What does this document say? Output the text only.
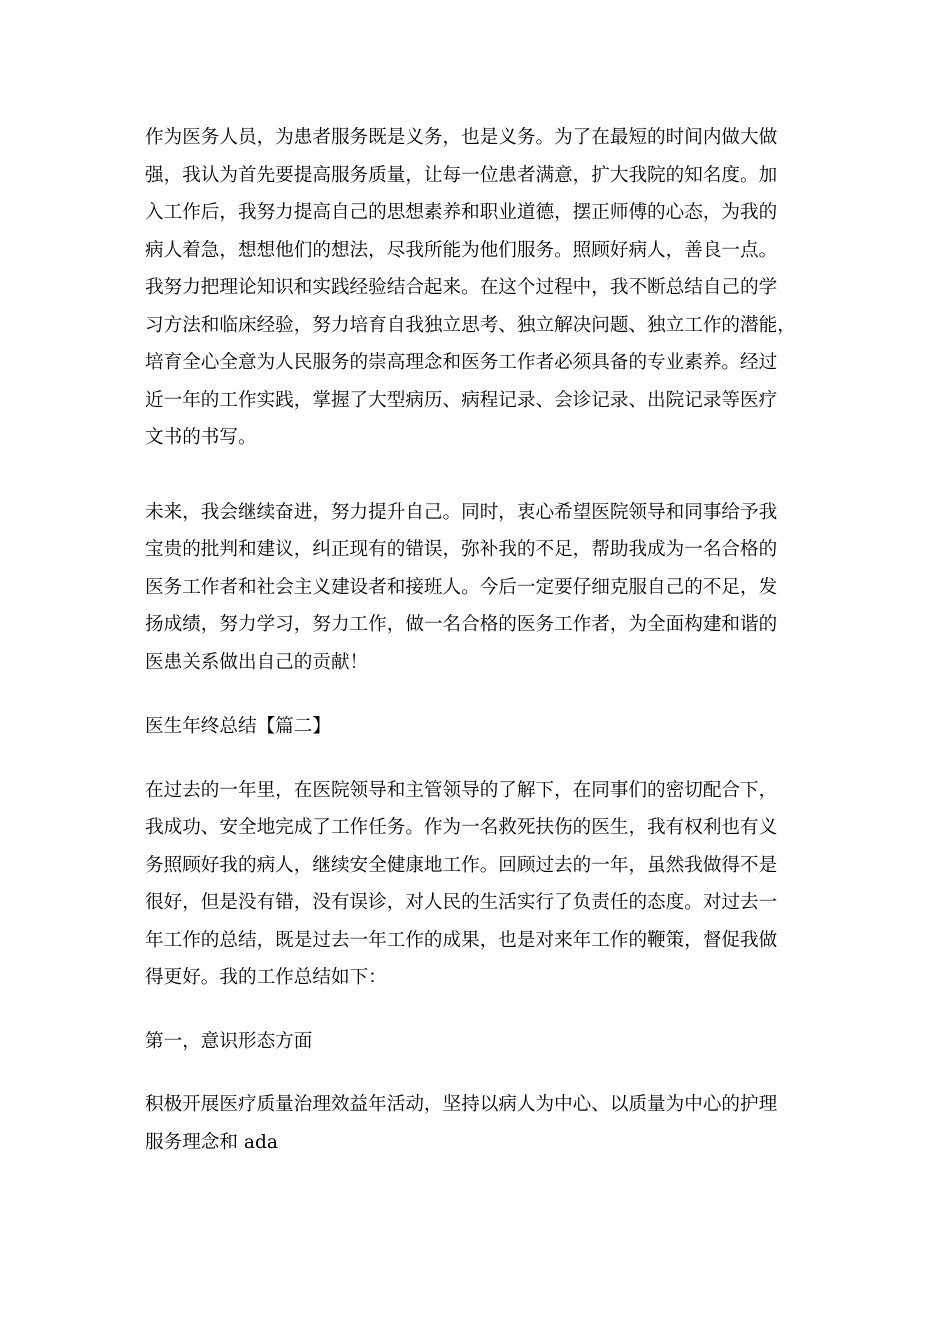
作为医务人员，为患者服务既是义务，也是义务。为了在最短的时间内做大做
强，我认为首先要提高服务质量，让每一位患者满意，扩大我院的知名度。加
入工作后，我努力提高自己的思想素养和职业道德，摆正师傅的心态，为我的
病人着急，想想他们的想法，尽我所能为他们服务。照顾好病人，善良一点。
我努力把理论知识和实践经验结合起来。在这个过程中，我不断总结自己的学
习方法和临床经验，努力培育自我独立思考、独立解决问题、独立工作的潜能，
培育全心全意为人民服务的崇高理念和医务工作者必须具备的专业素养。经过
近一年的工作实践，掌握了大型病历、病程记录、会诊记录、出院记录等医疗
文书的书写。

未来，我会继续奋进，努力提升自己。同时，衷心希望医院领导和同事给予我
宝贵的批判和建议，纠正现有的错误，弥补我的不足，帮助我成为一名合格的
医务工作者和社会主义建设者和接班人。今后一定要仔细克服自己的不足，发
扬成绩，努力学习，努力工作，做一名合格的医务工作者，为全面构建和谐的
医患关系做出自己的贡献！

医生年终总结【篇二】

在过去的一年里，在医院领导和主管领导的了解下，在同事们的密切配合下，
我成功、安全地完成了工作任务。作为一名救死扶伤的医生，我有权利也有义
务照顾好我的病人，继续安全健康地工作。回顾过去的一年，虽然我做得不是
很好，但是没有错，没有误诊，对人民的生活实行了负责任的态度。对过去一
年工作的总结，既是过去一年工作的成果，也是对来年工作的鞭策，督促我做
得更好。我的工作总结如下：

第一，意识形态方面

积极开展医疗质量治理效益年活动，坚持以病人为中心、以质量为中心的护理
服务理念和 ada
